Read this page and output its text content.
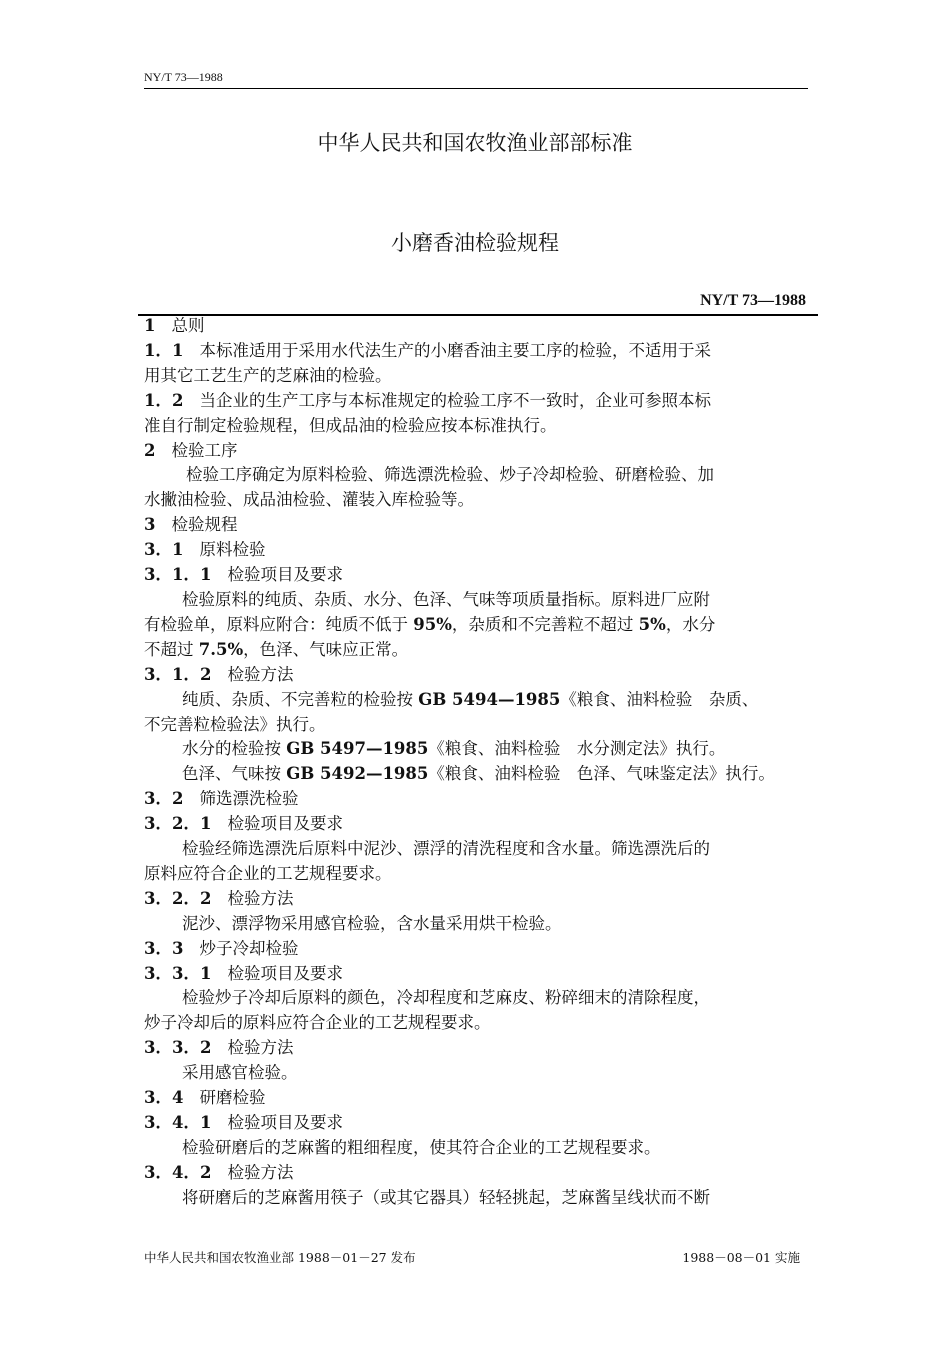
NY/T 73—1988
中华人民共和国农牧渔业部部标准
小磨香油检验规程
NY/T 73—1988

1 总则

1．1 本标准适用于采用水代法生产的小磨香油主要工序的检验，不适用于采
用其它工艺生产的芝麻油的检验。

1．2 当企业的生产工序与本标准规定的检验工序不一致时，企业可参照本标
准自行制定检验规程，但成品油的检验应按本标准执行。

2 检验工序

检验工序确定为原料检验、筛选漂洗检验、炒子冷却检验、研磨检验、加

水撇油检验、成品油检验、灌装入库检验等。

3 检验规程

3．1 原料检验

3．1．1 检验项目及要求

检验原料的纯质、杂质、水分、色泽、气味等项质量指标。原料进厂应附

有检验单，原料应附合：纯质不低于 95%，杂质和不完善粒不超过 5%，水分

不超过 7.5%，色泽、气味应正常。

3．1．2 检验方法

纯质、杂质、不完善粒的检验按 GB 5494—1985《粮食、油料检验　杂质、

不完善粒检验法》执行。

水分的检验按 GB 5497—1985《粮食、油料检验　水分测定法》执行。

色泽、气味按 GB 5492—1985《粮食、油料检验　色泽、气味鉴定法》执行。

3．2 筛选漂洗检验

3．2．1 检验项目及要求

检验经筛选漂洗后原料中泥沙、漂浮的清洗程度和含水量。筛选漂洗后的

原料应符合企业的工艺规程要求。

3．2．2 检验方法

泥沙、漂浮物采用感官检验，含水量采用烘干检验。

3．3 炒子冷却检验

3．3．1 检验项目及要求

检验炒子冷却后原料的颜色，冷却程度和芝麻皮、粉碎细末的清除程度，

炒子冷却后的原料应符合企业的工艺规程要求。

3．3．2 检验方法

采用感官检验。

3．4 研磨检验

3．4．1 检验项目及要求

检验研磨后的芝麻酱的粗细程度，使其符合企业的工艺规程要求。

3．4．2 检验方法

将研磨后的芝麻酱用筷子（或其它器具）轻轻挑起，芝麻酱呈线状而不断

中华人民共和国农牧渔业部 1988－01－27 发布	1988－08－01 实施
